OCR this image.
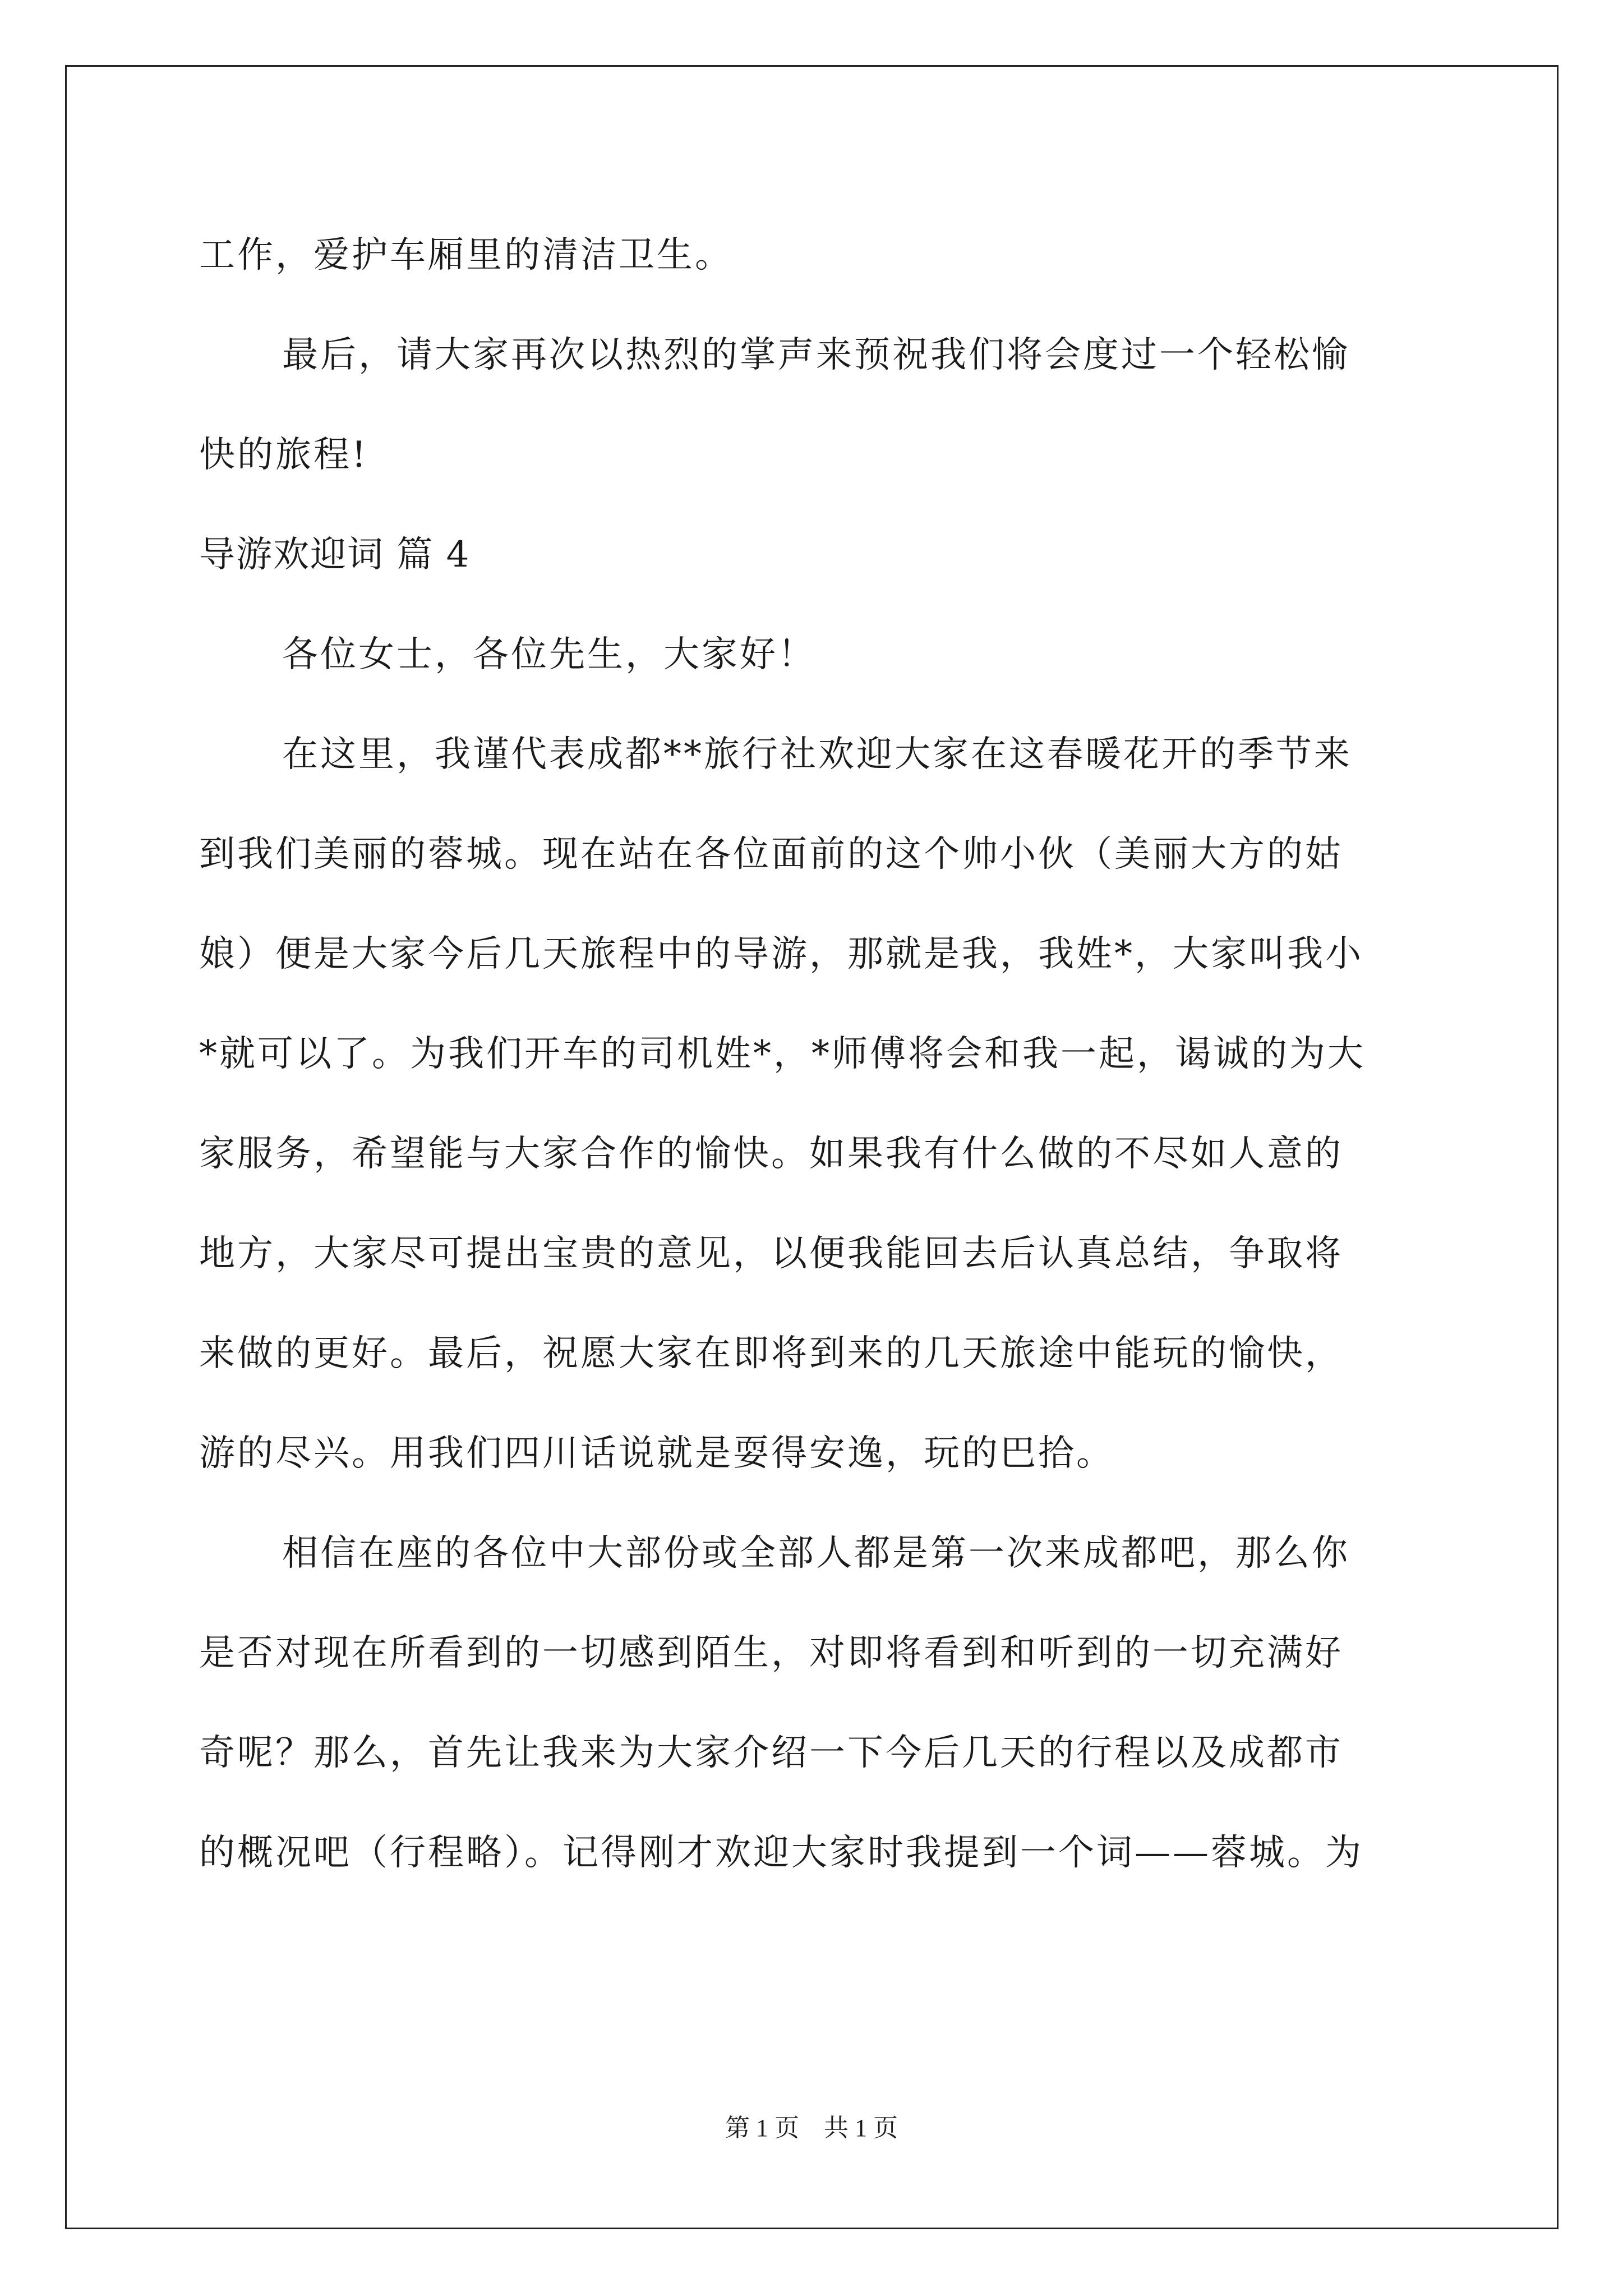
工作，爱护车厢里的清洁卫生。
最后，请大家再次以热烈的掌声来预祝我们将会度过一个轻松愉
快的旅程!
导游欢迎词 篇 4
各位女士，各位先生，大家好！
在这里，我谨代表成都**旅行社欢迎大家在这春暖花开的季节来
到我们美丽的蓉城。现在站在各位面前的这个帅小伙（美丽大方的姑
娘）便是大家今后几天旅程中的导游，那就是我，我姓*，大家叫我小
*就可以了。为我们开车的司机姓*，*师傅将会和我一起，谒诚的为大
家服务，希望能与大家合作的愉快。如果我有什么做的不尽如人意的
地方，大家尽可提出宝贵的意见，以便我能回去后认真总结，争取将
来做的更好。最后，祝愿大家在即将到来的几天旅途中能玩的愉快，
游的尽兴。用我们四川话说就是耍得安逸，玩的巴拾。
相信在座的各位中大部份或全部人都是第一次来成都吧，那么你
是否对现在所看到的一切感到陌生，对即将看到和听到的一切充满好
奇呢？那么，首先让我来为大家介绍一下今后几天的行程以及成都市
的概况吧（行程略）。记得刚才欢迎大家时我提到一个词——蓉城。为
第 1 页　共 1 页
